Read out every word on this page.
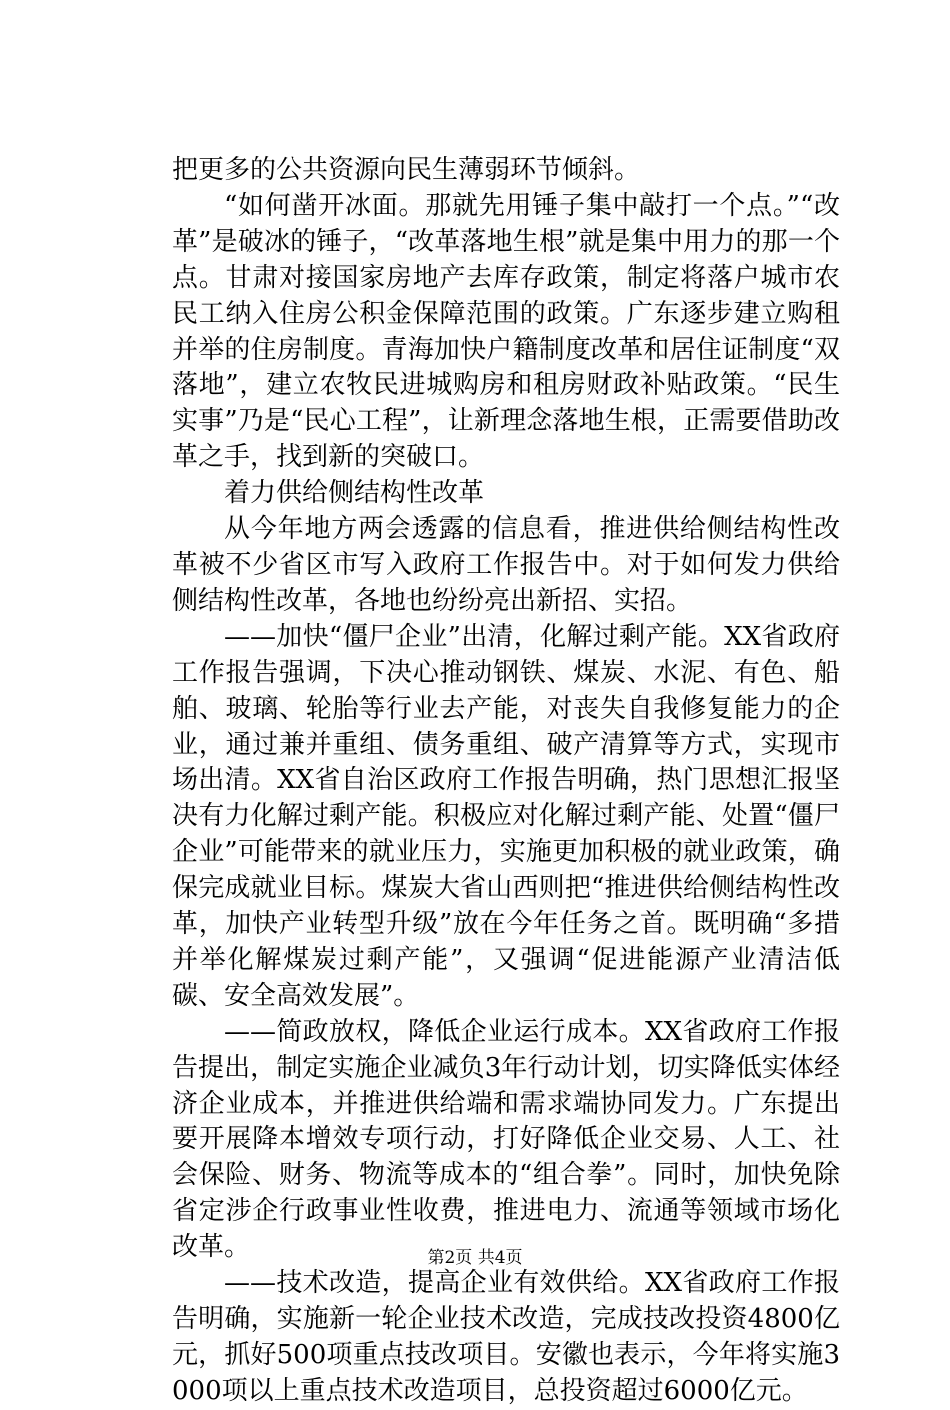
把更多的公共资源向民生薄弱环节倾斜。

“如何凿开冰面。那就先用锤子集中敲打一个点。”“改革”是破冰的锤子，“改革落地生根”就是集中用力的那一个点。甘肃对接国家房地产去库存政策，制定将落户城市农民工纳入住房公积金保障范围的政策。广东逐步建立购租并举的住房制度。青海加快户籍制度改革和居住证制度“双落地”，建立农牧民进城购房和租房财政补贴政策。“民生实事”乃是“民心工程”，让新理念落地生根，正需要借助改革之手，找到新的突破口。

着力供给侧结构性改革

从今年地方两会透露的信息看，推进供给侧结构性改革被不少省区市写入政府工作报告中。对于如何发力供给侧结构性改革，各地也纷纷亮出新招、实招。

——加快“僵尸企业”出清，化解过剩产能。XX省政府工作报告强调，下决心推动钢铁、煤炭、水泥、有色、船舶、玻璃、轮胎等行业去产能，对丧失自我修复能力的企业，通过兼并重组、债务重组、破产清算等方式，实现市场出清。XX省自治区政府工作报告明确，热门思想汇报坚决有力化解过剩产能。积极应对化解过剩产能、处置“僵尸企业”可能带来的就业压力，实施更加积极的就业政策，确保完成就业目标。煤炭大省山西则把“推进供给侧结构性改革，加快产业转型升级”放在今年任务之首。既明确“多措并举化解煤炭过剩产能”，又强调“促进能源产业清洁低碳、安全高效发展”。

——简政放权，降低企业运行成本。XX省政府工作报告提出，制定实施企业减负3年行动计划，切实降低实体经济企业成本，并推进供给端和需求端协同发力。广东提出要开展降本增效专项行动，打好降低企业交易、人工、社会保险、财务、物流等成本的“组合拳”。同时，加快免除省定涉企行政事业性收费，推进电力、流通等领域市场化改革。

——技术改造，提高企业有效供给。XX省政府工作报告明确，实施新一轮企业技术改造，完成技改投资4800亿元，抓好500项重点技改项目。安徽也表示，今年将实施3000项以上重点技术改造项目，总投资超过6000亿元。

第2页 共4页
